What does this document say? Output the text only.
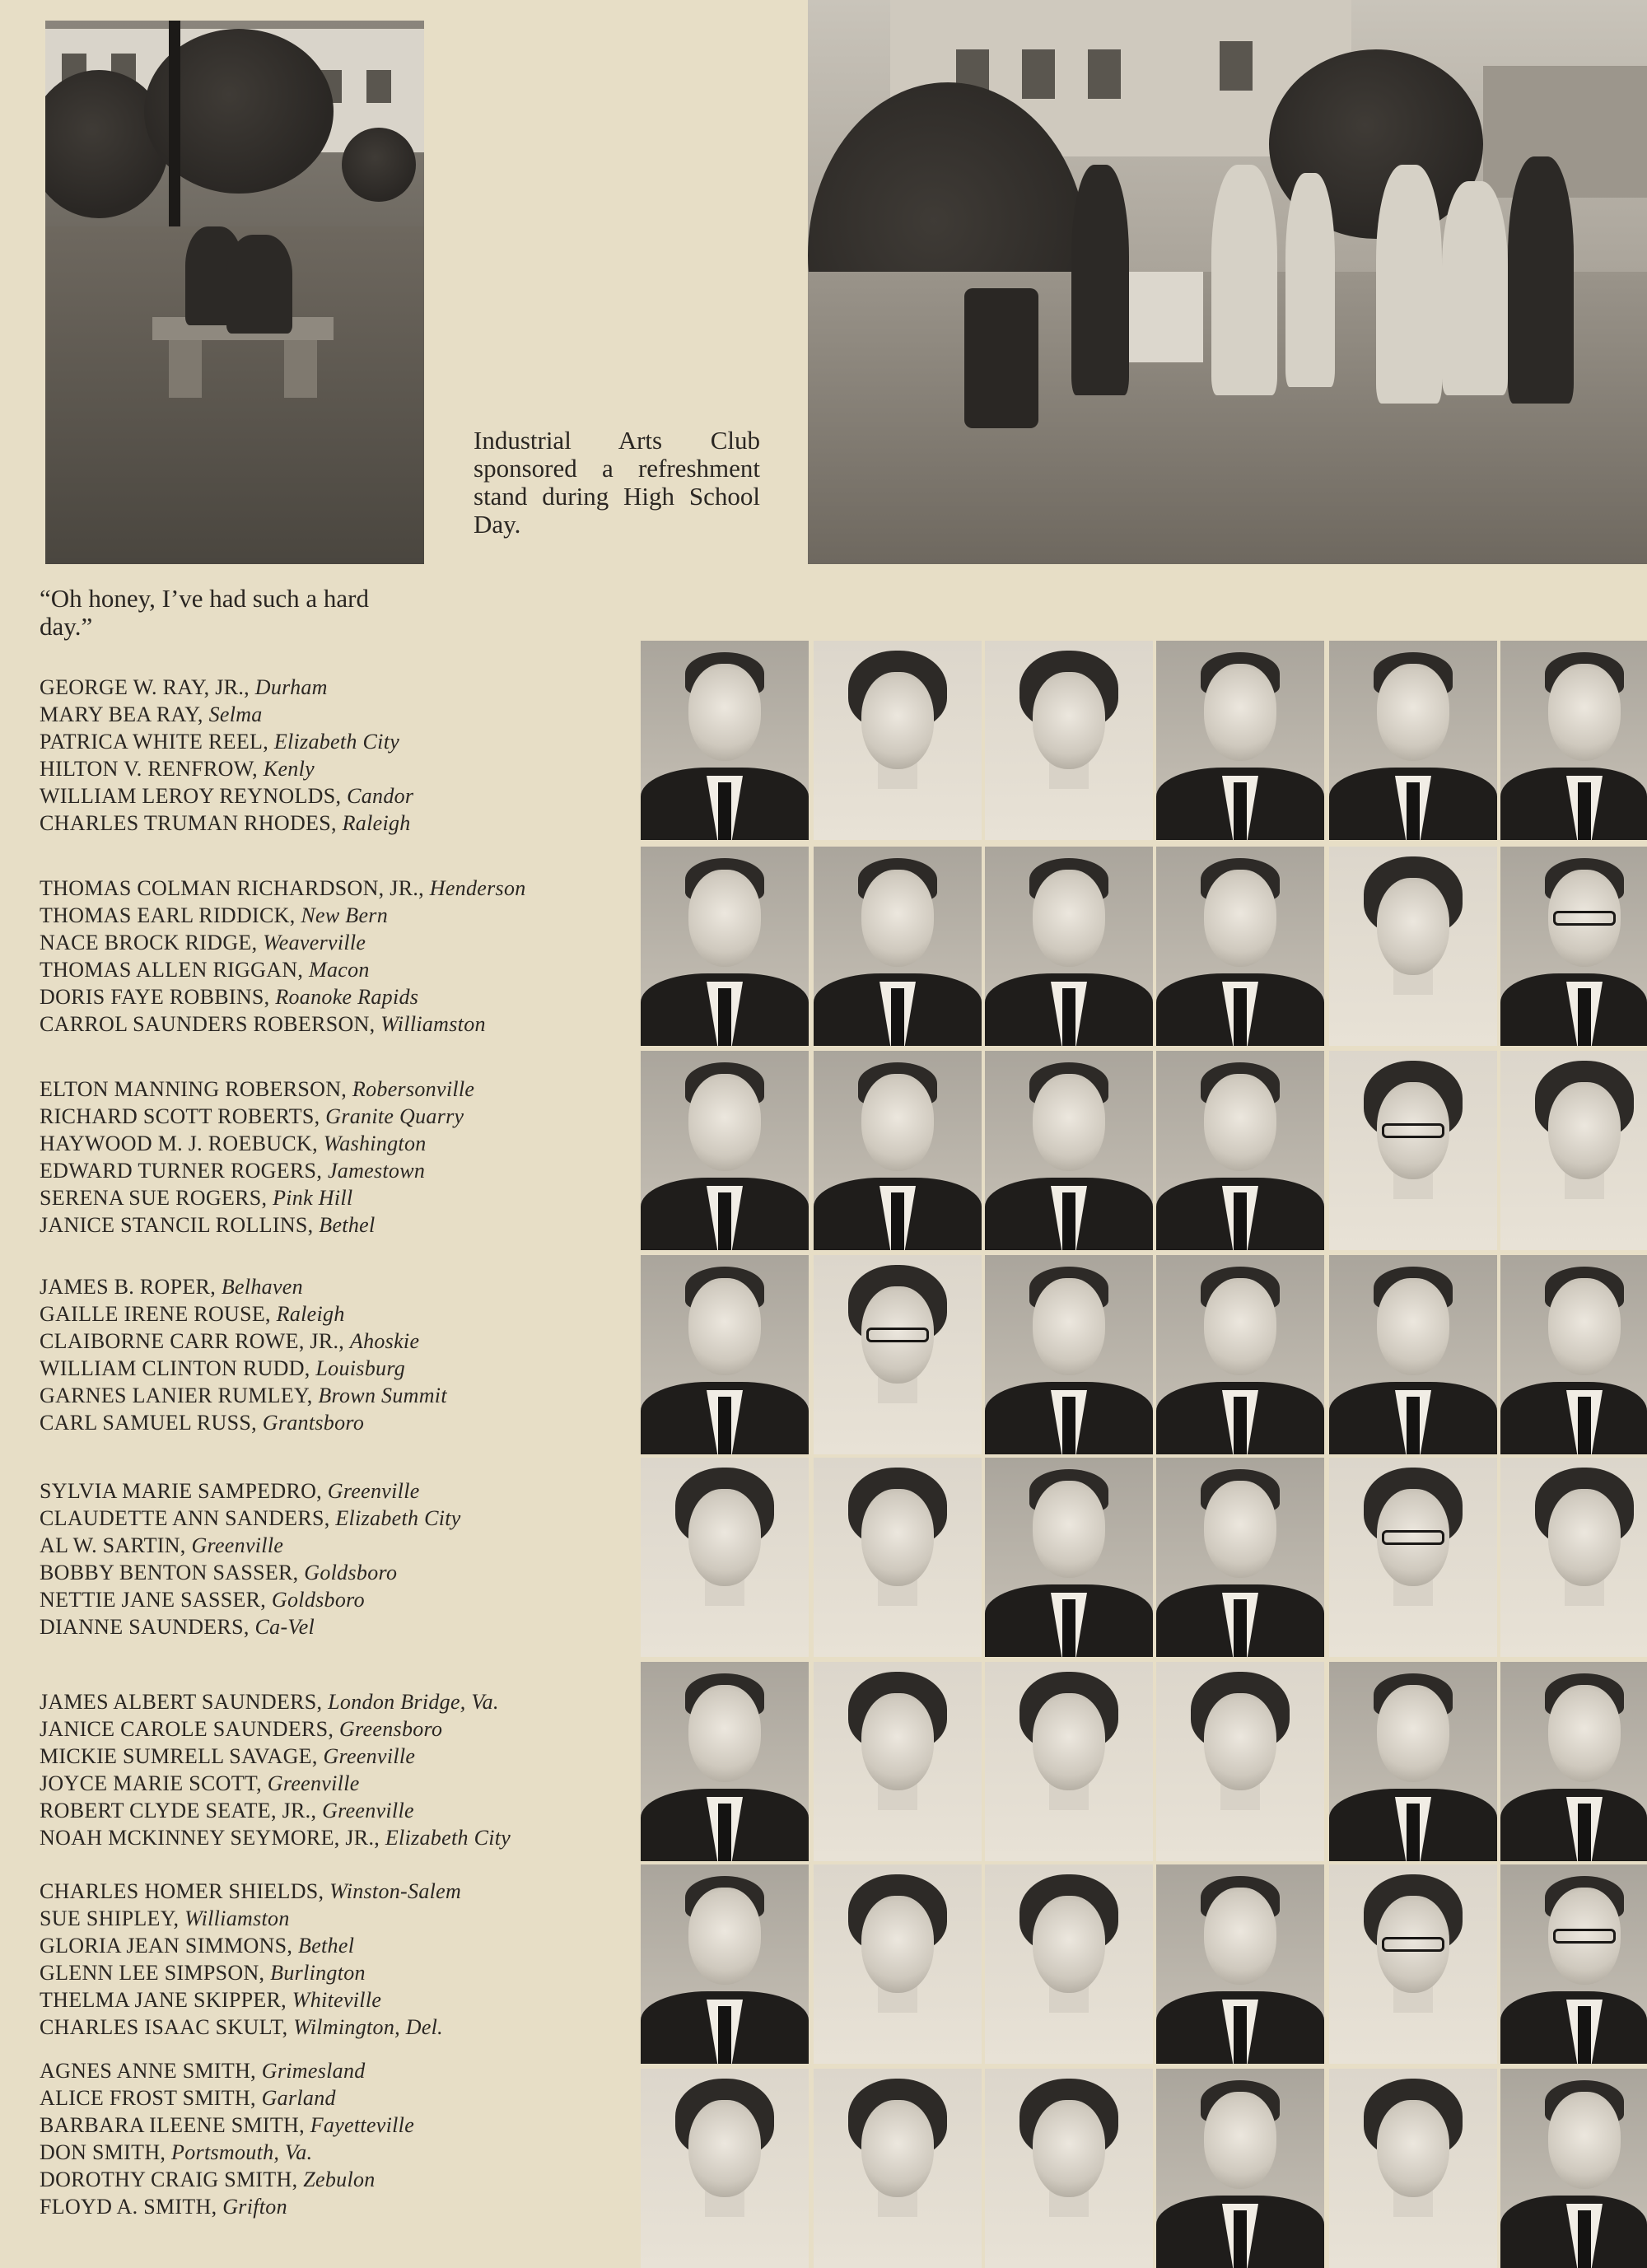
“Oh honey, I’ve had such a hard day.”
Industrial Arts Club sponsored a refreshment stand during High School Day.
GEORGE W. RAY, JR., Durham
MARY BEA RAY, Selma
PATRICA WHITE REEL, Elizabeth City
HILTON V. RENFROW, Kenly
WILLIAM LEROY REYNOLDS, Candor
CHARLES TRUMAN RHODES, Raleigh
THOMAS COLMAN RICHARDSON, JR., Henderson
THOMAS EARL RIDDICK, New Bern
NACE BROCK RIDGE, Weaverville
THOMAS ALLEN RIGGAN, Macon
DORIS FAYE ROBBINS, Roanoke Rapids
CARROL SAUNDERS ROBERSON, Williamston
ELTON MANNING ROBERSON, Robersonville
RICHARD SCOTT ROBERTS, Granite Quarry
HAYWOOD M. J. ROEBUCK, Washington
EDWARD TURNER ROGERS, Jamestown
SERENA SUE ROGERS, Pink Hill
JANICE STANCIL ROLLINS, Bethel
JAMES B. ROPER, Belhaven
GAILLE IRENE ROUSE, Raleigh
CLAIBORNE CARR ROWE, JR., Ahoskie
WILLIAM CLINTON RUDD, Louisburg
GARNES LANIER RUMLEY, Brown Summit
CARL SAMUEL RUSS, Grantsboro
SYLVIA MARIE SAMPEDRO, Greenville
CLAUDETTE ANN SANDERS, Elizabeth City
AL W. SARTIN, Greenville
BOBBY BENTON SASSER, Goldsboro
NETTIE JANE SASSER, Goldsboro
DIANNE SAUNDERS, Ca-Vel
JAMES ALBERT SAUNDERS, London Bridge, Va.
JANICE CAROLE SAUNDERS, Greensboro
MICKIE SUMRELL SAVAGE, Greenville
JOYCE MARIE SCOTT, Greenville
ROBERT CLYDE SEATE, JR., Greenville
NOAH MCKINNEY SEYMORE, JR., Elizabeth City
CHARLES HOMER SHIELDS, Winston-Salem
SUE SHIPLEY, Williamston
GLORIA JEAN SIMMONS, Bethel
GLENN LEE SIMPSON, Burlington
THELMA JANE SKIPPER, Whiteville
CHARLES ISAAC SKULT, Wilmington, Del.
AGNES ANNE SMITH, Grimesland
ALICE FROST SMITH, Garland
BARBARA ILEENE SMITH, Fayetteville
DON SMITH, Portsmouth, Va.
DOROTHY CRAIG SMITH, Zebulon
FLOYD A. SMITH, Grifton
